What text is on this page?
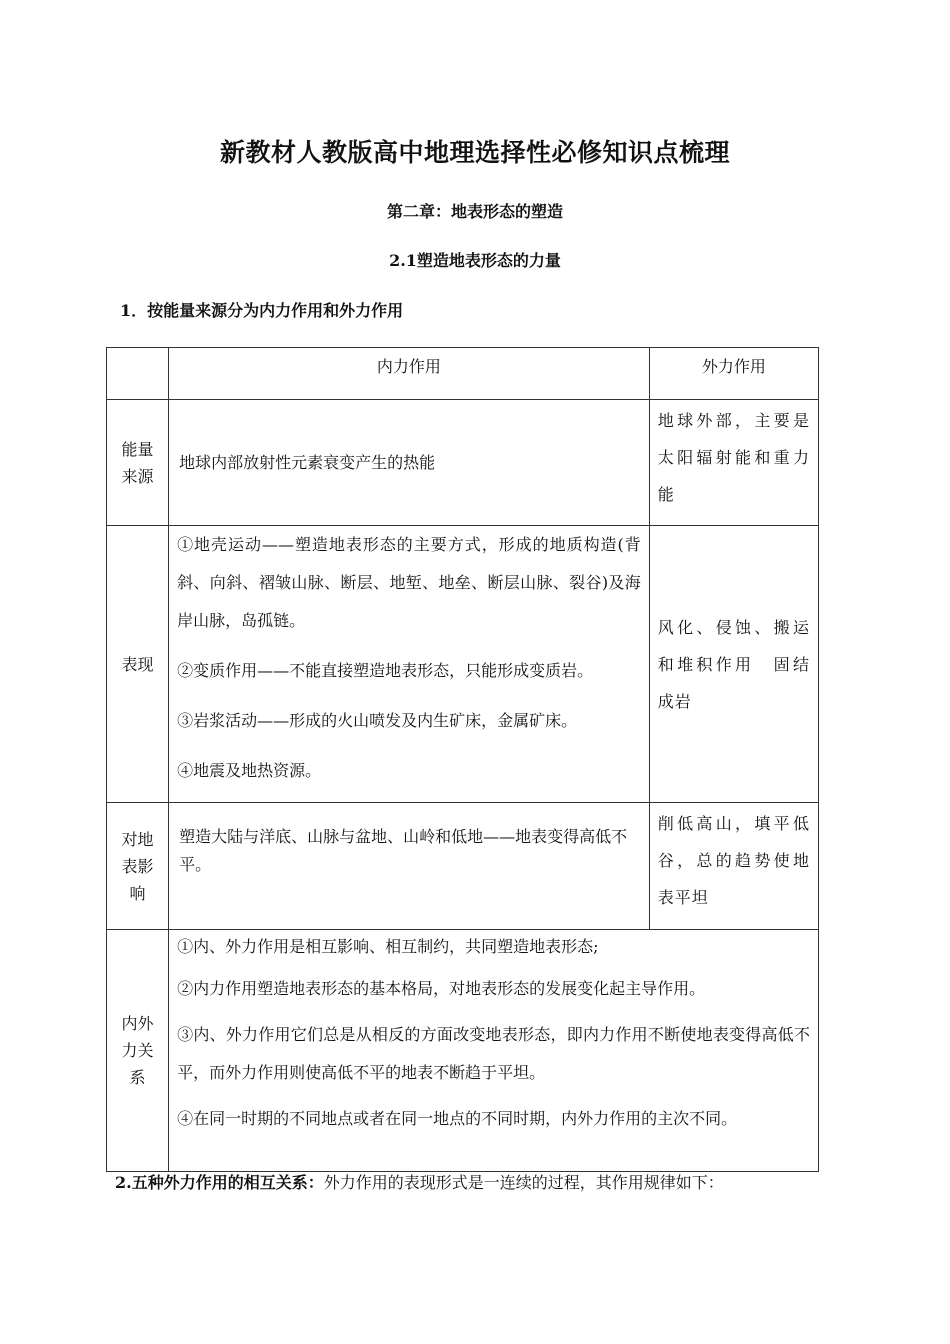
新教材人教版高中地理选择性必修知识点梳理
第二章：地表形态的塑造
2.1塑造地表形态的力量
1．按能量来源分为内力作用和外力作用
	内力作用	外力作用
能量来源	地球内部放射性元素衰变产生的热能	地球外部，主要是太阳辐射能和重力能
表现	①地壳运动——塑造地表形态的主要方式，形成的地质构造(背斜、向斜、褶皱山脉、断层、地堑、地垒、断层山脉、裂谷)及海岸山脉，岛孤链。
②变质作用——不能直接塑造地表形态，只能形成变质岩。
③岩浆活动——形成的火山喷发及内生矿床，金属矿床。
④地震及地热资源。	风化、侵蚀、搬运和堆积作用　固结成岩
对地表影响	塑造大陆与洋底、山脉与盆地、山岭和低地——地表变得高低不平。	削低高山，填平低谷，总的趋势使地表平坦
内外力关系	①内、外力作用是相互影响、相互制约，共同塑造地表形态;
②内力作用塑造地表形态的基本格局，对地表形态的发展变化起主导作用。
③内、外力作用它们总是从相反的方面改变地表形态，即内力作用不断使地表变得高低不平，而外力作用则使高低不平的地表不断趋于平坦。
④在同一时期的不同地点或者在同一地点的不同时期，内外力作用的主次不同。	
2.五种外力作用的相互关系：外力作用的表现形式是一连续的过程，其作用规律如下：
